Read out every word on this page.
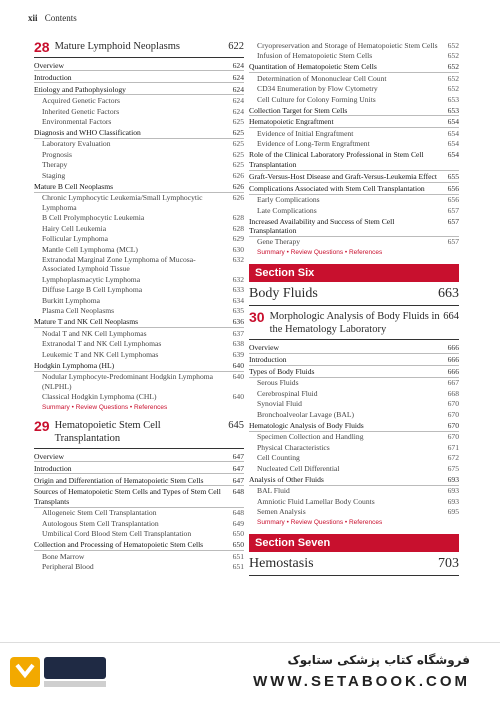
xii Contents
28 Mature Lymphoid Neoplasms	622
Overview	624
Introduction	624
Etiology and Pathophysiology	624
Acquired Genetic Factors	624
Inherited Genetic Factors	624
Environmental Factors	625
Diagnosis and WHO Classification	625
Laboratory Evaluation	625
Prognosis	625
Therapy	625
Staging	626
Mature B Cell Neoplasms	626
Chronic Lymphocytic Leukemia/Small Lymphocytic Lymphoma
626
B Cell Prolymphocytic Leukemia	628
Hairy Cell Leukemia	628
Follicular Lymphoma	629
Mantle Cell Lymphoma (MCL)	630
Extranodal Marginal Zone Lymphoma of Mucosa-Associated Lymphoid Tissue
632
Lymphoplasmacytic Lymphoma	632
Diffuse Large B Cell Lymphoma	633
Burkitt Lymphoma	634
Plasma Cell Neoplasms	635
Mature T and NK Cell Neoplasms	636
Nodal T and NK Cell Lymphomas	637
Extranodal T and NK Cell Lymphomas	638
Leukemic T and NK Cell Lymphomas	639
Hodgkin Lymphoma (HL)	640
Nodular Lymphocyte-Predominant Hodgkin Lymphoma (NLPHL)
640
Classical Hodgkin Lymphoma (CHL)	640
Summary • Review Questions • References
29 Hematopoietic Stem Cell Transplantation
645
Overview	647
Introduction	647
Origin and Differentiation of Hematopoietic Stem Cells	647
Sources of Hematopoietic Stem Cells and Types of Stem Cell Transplants
648
Allogeneic Stem Cell Transplantation	648
Autologous Stem Cell Transplantation	649
Umbilical Cord Blood Stem Cell Transplantation	650
Collection and Processing of Hematopoietic Stem Cells	650
Bone Marrow	651
Peripheral Blood	651
Cryopreservation and Storage of Hematopoietic Stem Cells	652
Infusion of Hematopoietic Stem Cells	652
Quantitation of Hematopoietic Stem Cells	652
Determination of Mononuclear Cell Count	652
CD34 Enumeration by Flow Cytometry	652
Cell Culture for Colony Forming Units	653
Collection Target for Stem Cells	653
Hematopoietic Engraftment	654
Evidence of Initial Engraftment	654
Evidence of Long-Term Engraftment	654
Role of the Clinical Laboratory Professional in Stem Cell Transplantation
654
Graft-Versus-Host Disease and Graft-Versus-Leukemia Effect	655
Complications Associated with Stem Cell Transplantation	656
Early Complications	656
Late Complications	657
Increased Availability and Success of Stem Cell Transplantation
657
Gene Therapy	657
Summary • Review Questions • References
Section Six
Body Fluids	663
30 Morphologic Analysis of Body Fluids in the Hematology Laboratory
664
Overview	666
Introduction	666
Types of Body Fluids	666
Serous Fluids	667
Cerebrospinal Fluid	668
Synovial Fluid	670
Bronchoalveolar Lavage (BAL)	670
Hematologic Analysis of Body Fluids	670
Specimen Collection and Handling	670
Physical Characteristics	671
Cell Counting	672
Nucleated Cell Differential	675
Analysis of Other Fluids	693
BAL Fluid	693
Amniotic Fluid Lamellar Body Counts	693
Semen Analysis	695
Summary • Review Questions • References
Section Seven
Hemostasis	703
فروشگاه کتاب پزشکی ستابوک
WWW.SETABOOK.COM
